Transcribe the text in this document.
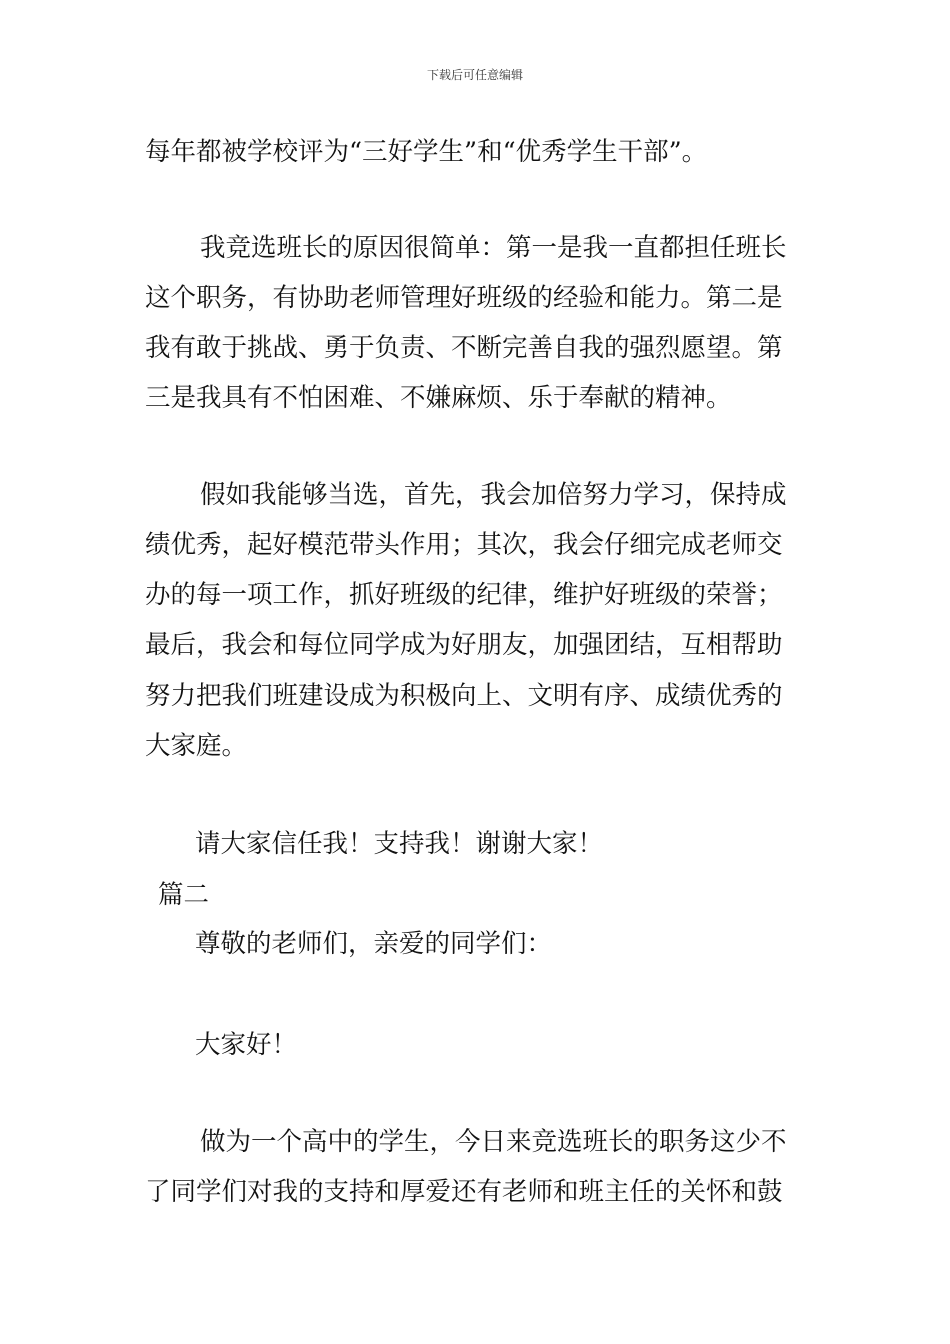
下载后可任意编辑
每年都被学校评为“三好学生”和“优秀学生干部”。
我竞选班长的原因很简单：第一是我一直都担任班长
这个职务，有协助老师管理好班级的经验和能力。第二是
我有敢于挑战、勇于负责、不断完善自我的强烈愿望。第
三是我具有不怕困难、不嫌麻烦、乐于奉献的精神。
假如我能够当选，首先，我会加倍努力学习，保持成
绩优秀，起好模范带头作用；其次，我会仔细完成老师交
办的每一项工作，抓好班级的纪律，维护好班级的荣誉；
最后，我会和每位同学成为好朋友，加强团结，互相帮助
努力把我们班建设成为积极向上、文明有序、成绩优秀的
大家庭。
请大家信任我！支持我！谢谢大家！
篇二
尊敬的老师们，亲爱的同学们：
大家好！
做为一个高中的学生，今日来竞选班长的职务这少不
了同学们对我的支持和厚爱还有老师和班主任的关怀和鼓
